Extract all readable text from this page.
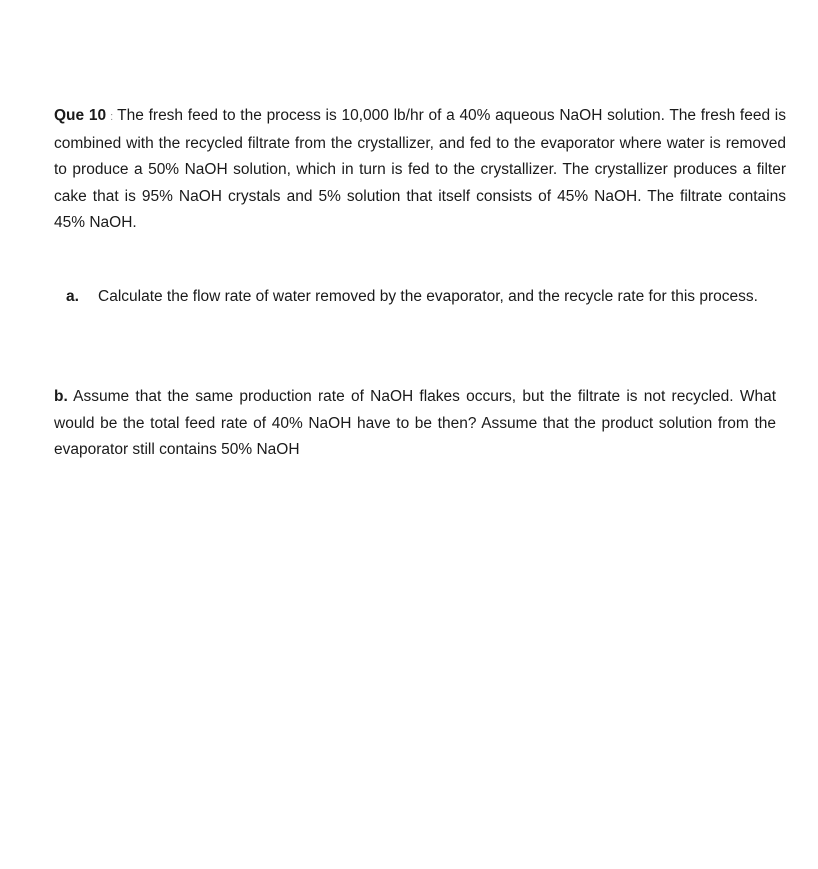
Que 10 : The fresh feed to the process is 10,000 lb/hr of a 40% aqueous NaOH solution. The fresh feed is combined with the recycled filtrate from the crystallizer, and fed to the evaporator where water is removed to produce a 50% NaOH solution, which in turn is fed to the crystallizer. The crystallizer produces a filter cake that is 95% NaOH crystals and 5% solution that itself consists of 45% NaOH. The filtrate contains 45% NaOH.
a. Calculate the flow rate of water removed by the evaporator, and the recycle rate for this process.
b. Assume that the same production rate of NaOH flakes occurs, but the filtrate is not recycled. What would be the total feed rate of 40% NaOH have to be then? Assume that the product solution from the evaporator still contains 50% NaOH
